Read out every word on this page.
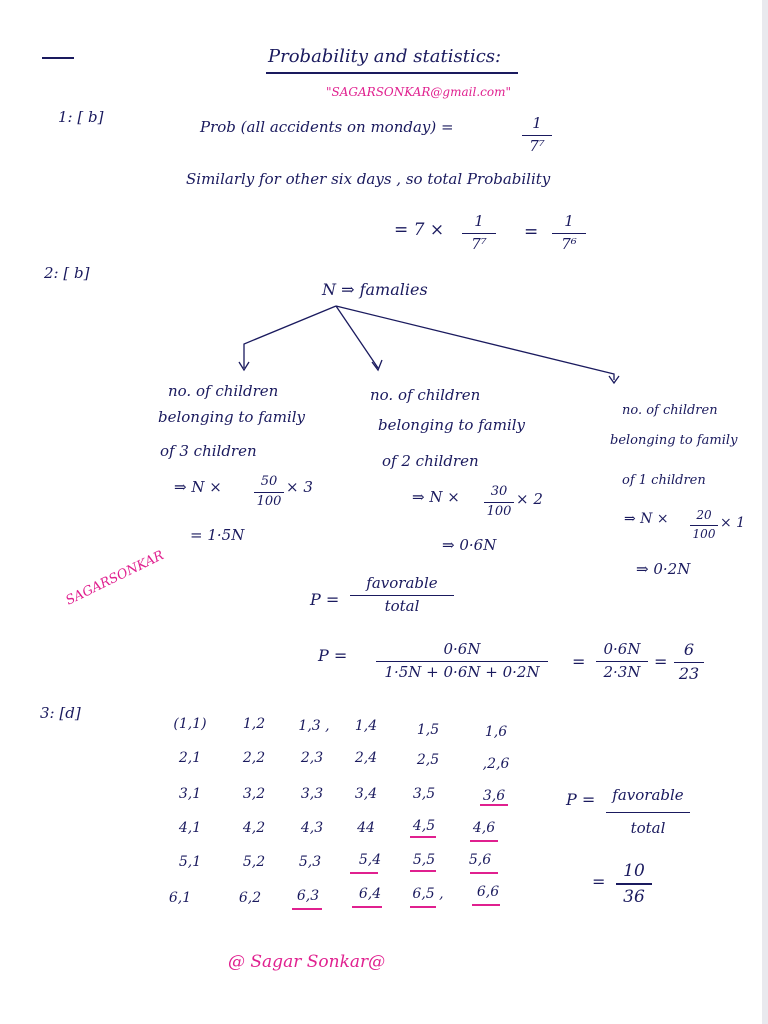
Probability and statistics:
"SAGARSONKAR@gmail.com"
1: [ b]
Prob (all accidents on monday) =	1
7⁷
Similarly for other six days , so total Probability
= 7 ×	1
7⁷
=
1
7⁶
2: [ b]
N ⇒ famalies
no. of children
belonging to family
of 3 children
⇒ N ×	50
100
× 3
= 1·5N
no. of children
belonging to family
of 2 children
⇒ N ×	30
100
× 2
⇒ 0·6N
no. of children
belonging to family
of 1 children
⇒ N ×	20
100
× 1
⇒ 0·2N
SAGARSONKAR	P =
favorable
total
P =	0·6N
1·5N + 0·6N + 0·2N
=
0·6N
2·3N
=
6
23
3: [d]
(1,1)	1,2	1,3 ,	1,4	1,5	1,6
2,1	2,2	2,3	2,4	2,5	,2,6
3,1	3,2	3,3	3,4	3,5	3,6
4,1	4,2	4,3	44	4,5	4,6
5,1	5,2	5,3	5,4	5,5	5,6
6,1	6,2	6,3	6,4	6,5 ,	6,6
P =	favorable
total
=
10
36
@ Sagar Sonkar@
